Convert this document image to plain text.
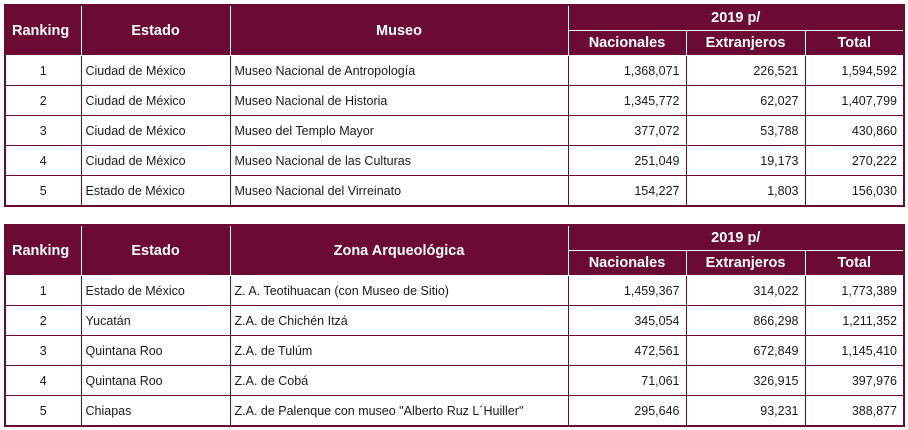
Ranking	Estado	Museo	2019 p/		
			Nacionales	Extranjeros	Total
1	Ciudad de México	Museo Nacional de Antropología	1,368,071	226,521	1,594,592
2	Ciudad de México	Museo Nacional de Historia	1,345,772	62,027	1,407,799
3	Ciudad de México	Museo del Templo Mayor	377,072	53,788	430,860
4	Ciudad de México	Museo Nacional de las Culturas	251,049	19,173	270,222
5	Estado de México	Museo Nacional del Virreinato	154,227	1,803	156,030
Ranking	Estado	Zona Arqueológica	2019 p/		
			Nacionales	Extranjeros	Total
1	Estado de México	Z. A. Teotihuacan (con Museo de Sitio)	1,459,367	314,022	1,773,389
2	Yucatán	Z.A. de Chichén Itzá	345,054	866,298	1,211,352
3	Quintana Roo	Z.A. de Tulúm	472,561	672,849	1,145,410
4	Quintana Roo	Z.A. de Cobá	71,061	326,915	397,976
5	Chiapas	Z.A. de Palenque con museo "Alberto Ruz L´Huiller"	295,646	93,231	388,877
